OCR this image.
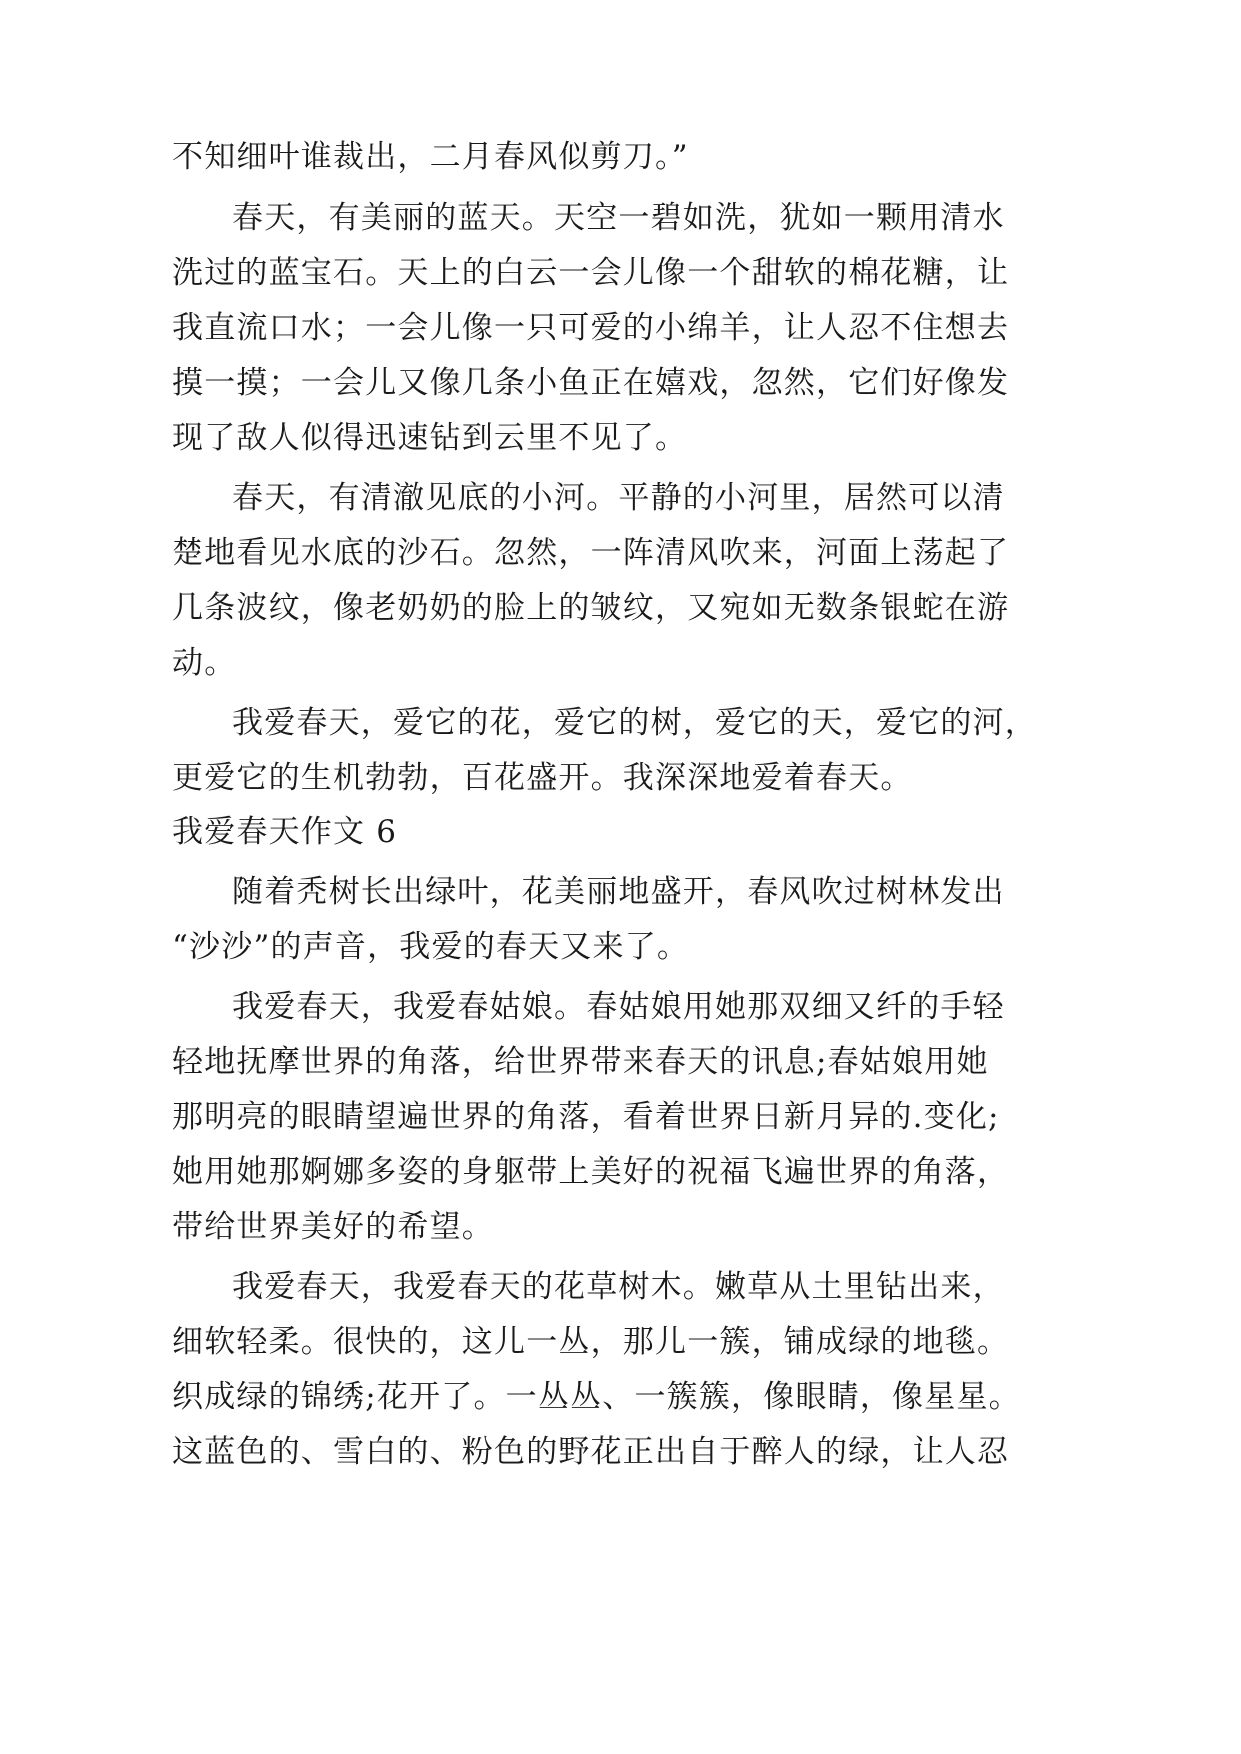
不知细叶谁裁出，二月春风似剪刀。”
春天，有美丽的蓝天。天空一碧如洗，犹如一颗用清水
洗过的蓝宝石。天上的白云一会儿像一个甜软的棉花糖，让
我直流口水；一会儿像一只可爱的小绵羊，让人忍不住想去
摸一摸；一会儿又像几条小鱼正在嬉戏，忽然，它们好像发
现了敌人似得迅速钻到云里不见了。
春天，有清澈见底的小河。平静的小河里，居然可以清
楚地看见水底的沙石。忽然，一阵清风吹来，河面上荡起了
几条波纹，像老奶奶的脸上的皱纹，又宛如无数条银蛇在游
动。
我爱春天，爱它的花，爱它的树，爱它的天，爱它的河，
更爱它的生机勃勃，百花盛开。我深深地爱着春天。
我爱春天作文 6
随着秃树长出绿叶，花美丽地盛开，春风吹过树林发出
“沙沙”的声音，我爱的春天又来了。
我爱春天，我爱春姑娘。春姑娘用她那双细又纤的手轻
轻地抚摩世界的角落，给世界带来春天的讯息;春姑娘用她
那明亮的眼睛望遍世界的角落，看着世界日新月异的.变化;
她用她那婀娜多姿的身躯带上美好的祝福飞遍世界的角落，
带给世界美好的希望。
我爱春天，我爱春天的花草树木。嫩草从土里钻出来，
细软轻柔。很快的，这儿一丛，那儿一簇，铺成绿的地毯。
织成绿的锦绣;花开了。一丛丛、一簇簇，像眼睛，像星星。
这蓝色的、雪白的、粉色的野花正出自于醉人的绿，让人忍
